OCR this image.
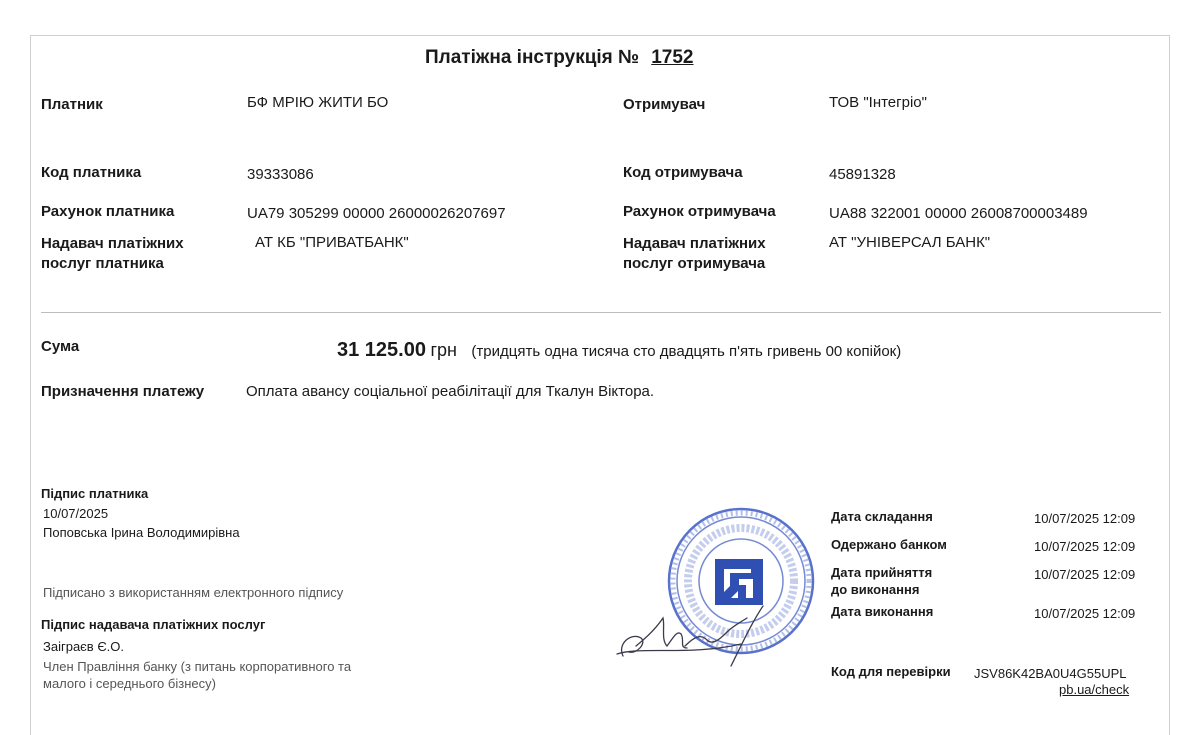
Платіжна інструкція № 1752
Платник	БФ МРІЮ ЖИТИ БО
Код платника	39333086
Рахунок платника	UA79 305299 00000 26000026207697
Надавач платіжних
послуг платника
АТ КБ "ПРИВАТБАНК"
Отримувач	ТОВ "Інтегріо"
Код отримувача	45891328
Рахунок отримувача	UA88 322001 00000 26008700003489
Надавач платіжних
послуг отримувача
АТ "УНІВЕРСАЛ БАНК"
Сума	31 125.00 грн (тридцять одна тисяча сто двадцять п'ять гривень 00 копійок)
Призначення платежу	Оплата авансу соціальної реабілітації для Ткалун Віктора.
Підпис платника
10/07/2025
Поповська Ірина Володимирівна
Підписано з використанням електронного підпису
Підпис надавача платіжних послуг
Заіграєв Є.О.
Член Правління банку (з питань корпоративного та
малого і середнього бізнесу)
Дата складання	10/07/2025 12:09
Одержано банком	10/07/2025 12:09
Дата прийняття
до виконання
10/07/2025 12:09
Дата виконання	10/07/2025 12:09
Код для перевірки JSV86K42BA0U4G55UPL
pb.ua/check
